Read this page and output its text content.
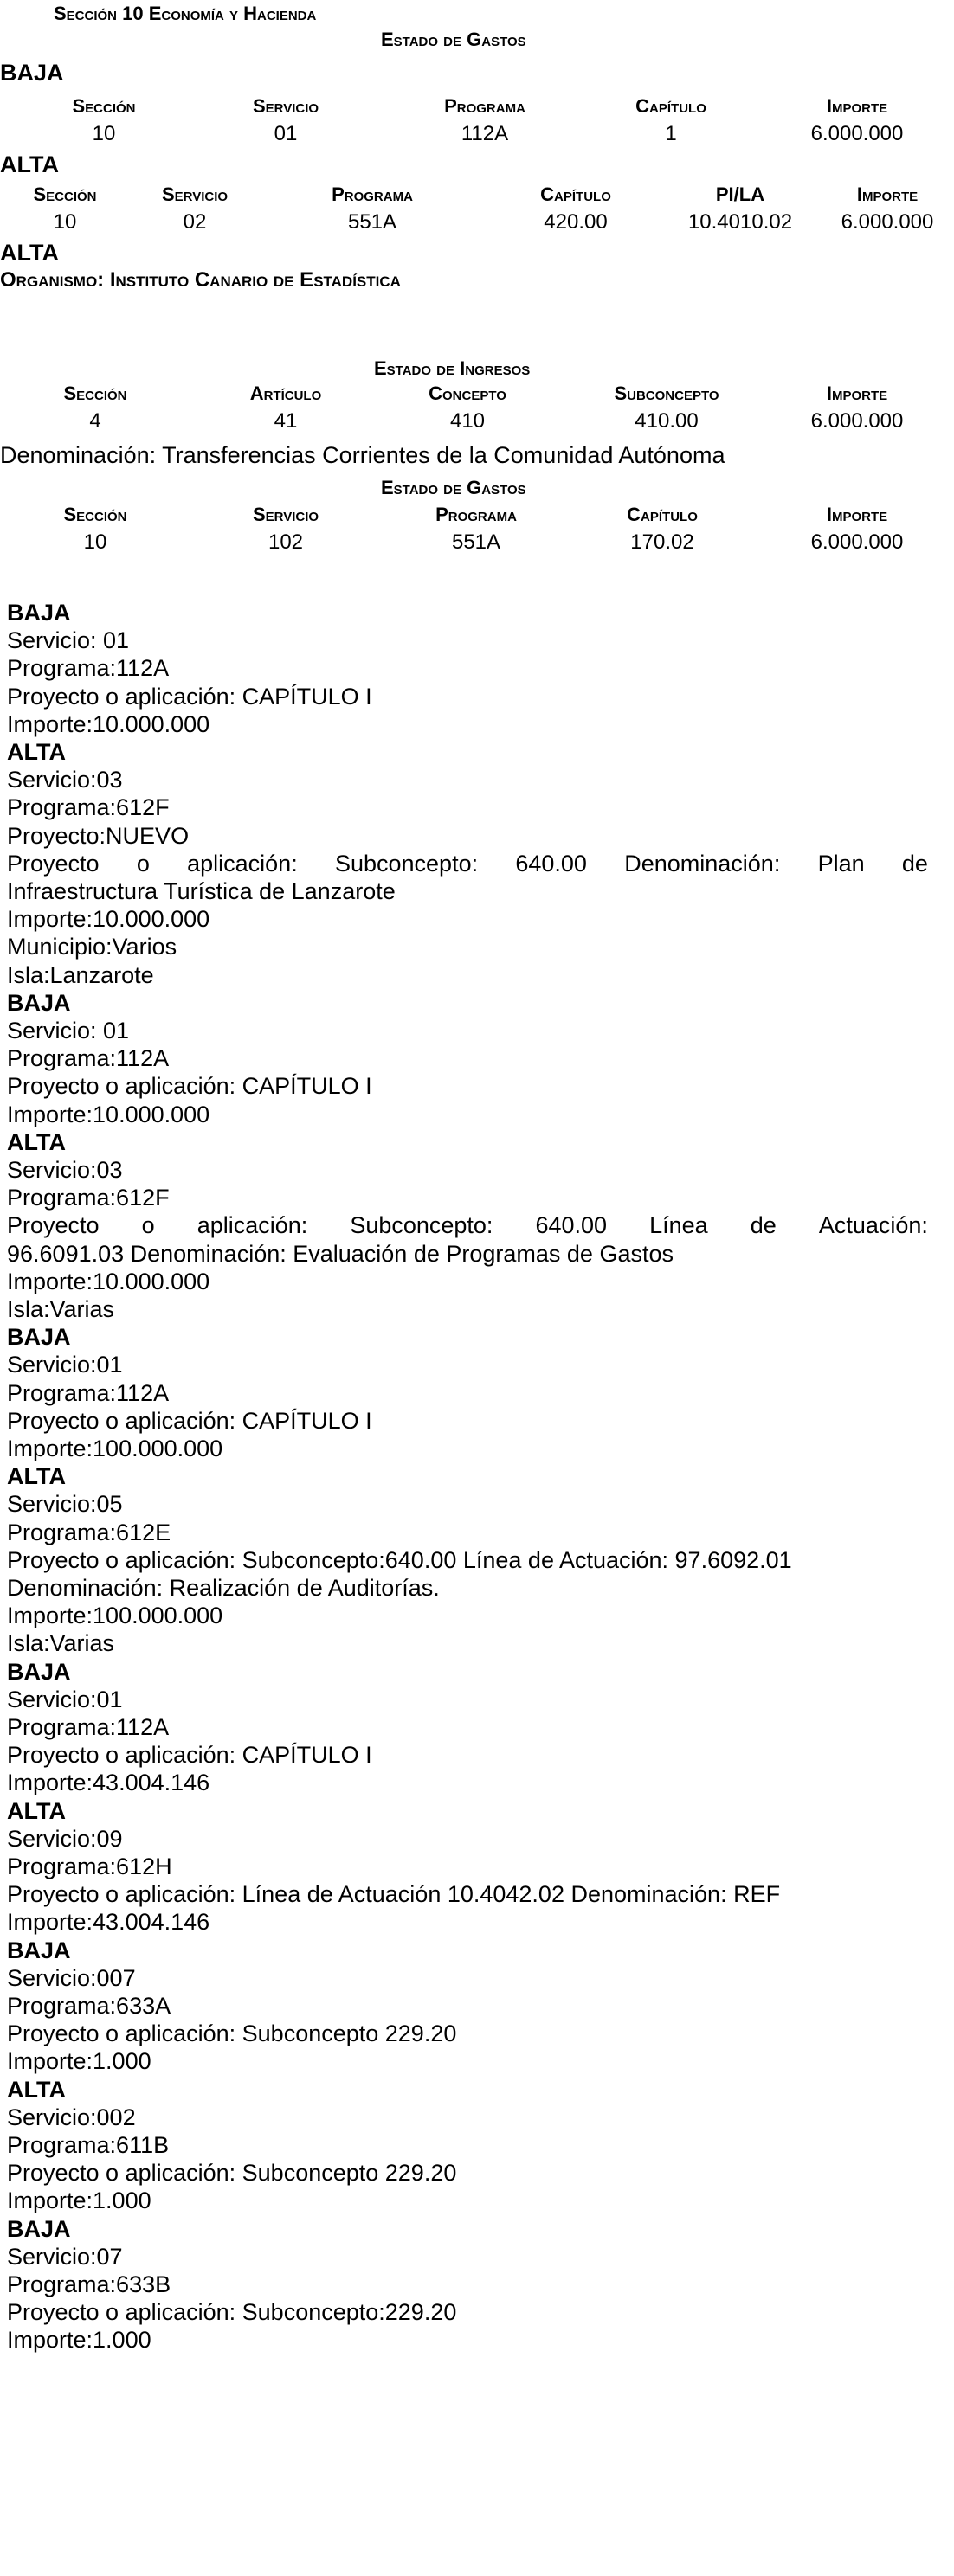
Sección 10 Economía y Hacienda
Estado de Gastos
BAJA
Sección	Servicio	Programa	Capítulo	Importe
10	01	112A	1	6.000.000
ALTA
Sección	Servicio	Programa	Capítulo	PI/LA	Importe
10	02	551A	420.00	10.4010.02	6.000.000
ALTA
Organismo: Instituto Canario de Estadística
Estado de Ingresos
Sección	Artículo	Concepto	Subconcepto	Importe
4	41	410	410.00	6.000.000
Denominación: Transferencias Corrientes de la Comunidad Autónoma
Estado de Gastos
Sección	Servicio	Programa	Capítulo	Importe
10	102	551A	170.02	6.000.000
BAJA
Servicio: 01
Programa:112A
Proyecto o aplicación: CAPÍTULO I
Importe:10.000.000
ALTA
Servicio:03
Programa:612F
Proyecto:NUEVO
Proyecto o aplicación: Subconcepto: 640.00 Denominación: Plan de
Infraestructura Turística de Lanzarote
Importe:10.000.000
Municipio:Varios
Isla:Lanzarote
BAJA
Servicio: 01
Programa:112A
Proyecto o aplicación: CAPÍTULO I
Importe:10.000.000
ALTA
Servicio:03
Programa:612F
Proyecto o aplicación: Subconcepto: 640.00 Línea de Actuación:
96.6091.03 Denominación: Evaluación de Programas de Gastos
Importe:10.000.000
Isla:Varias
BAJA
Servicio:01
Programa:112A
Proyecto o aplicación: CAPÍTULO I
Importe:100.000.000
ALTA
Servicio:05
Programa:612E
Proyecto o aplicación: Subconcepto:640.00 Línea de Actuación: 97.6092.01
Denominación: Realización de Auditorías.
Importe:100.000.000
Isla:Varias
BAJA
Servicio:01
Programa:112A
Proyecto o aplicación: CAPÍTULO I
Importe:43.004.146
ALTA
Servicio:09
Programa:612H
Proyecto o aplicación: Línea de Actuación 10.4042.02 Denominación: REF
Importe:43.004.146
BAJA
Servicio:007
Programa:633A
Proyecto o aplicación: Subconcepto 229.20
Importe:1.000
ALTA
Servicio:002
Programa:611B
Proyecto o aplicación: Subconcepto 229.20
Importe:1.000
BAJA
Servicio:07
Programa:633B
Proyecto o aplicación: Subconcepto:229.20
Importe:1.000
